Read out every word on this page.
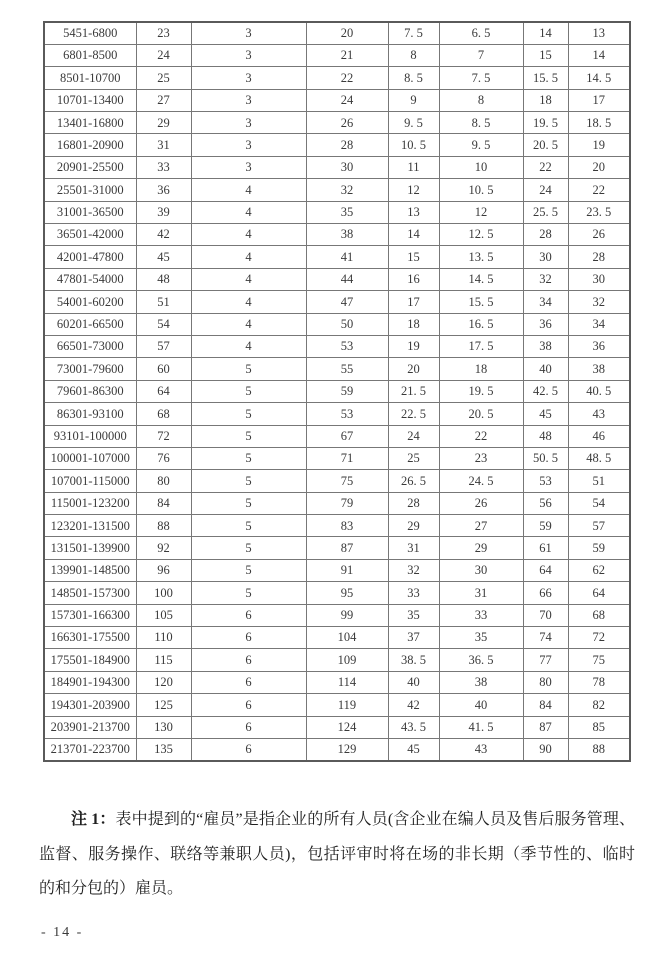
5451-6800	23	3	20	7. 5	6. 5	14	13
6801-8500	24	3	21	8	7	15	14
8501-10700	25	3	22	8. 5	7. 5	15. 5	14. 5
10701-13400	27	3	24	9	8	18	17
13401-16800	29	3	26	9. 5	8. 5	19. 5	18. 5
16801-20900	31	3	28	10. 5	9. 5	20. 5	19
20901-25500	33	3	30	11	10	22	20
25501-31000	36	4	32	12	10. 5	24	22
31001-36500	39	4	35	13	12	25. 5	23. 5
36501-42000	42	4	38	14	12. 5	28	26
42001-47800	45	4	41	15	13. 5	30	28
47801-54000	48	4	44	16	14. 5	32	30
54001-60200	51	4	47	17	15. 5	34	32
60201-66500	54	4	50	18	16. 5	36	34
66501-73000	57	4	53	19	17. 5	38	36
73001-79600	60	5	55	20	18	40	38
79601-86300	64	5	59	21. 5	19. 5	42. 5	40. 5
86301-93100	68	5	53	22. 5	20. 5	45	43
93101-100000	72	5	67	24	22	48	46
100001-107000	76	5	71	25	23	50. 5	48. 5
107001-115000	80	5	75	26. 5	24. 5	53	51
115001-123200	84	5	79	28	26	56	54
123201-131500	88	5	83	29	27	59	57
131501-139900	92	5	87	31	29	61	59
139901-148500	96	5	91	32	30	64	62
148501-157300	100	5	95	33	31	66	64
157301-166300	105	6	99	35	33	70	68
166301-175500	110	6	104	37	35	74	72
175501-184900	115	6	109	38. 5	36. 5	77	75
184901-194300	120	6	114	40	38	80	78
194301-203900	125	6	119	42	40	84	82
203901-213700	130	6	124	43. 5	41. 5	87	85
213701-223700	135	6	129	45	43	90	88

注 1：表中提到的“雇员”是指企业的所有人员(含企业在编人员及售后服务管理、监督、服务操作、联络等兼职人员)，包括评审时将在场的非长期（季节性的、临时的和分包的）雇员。

- 14 -
